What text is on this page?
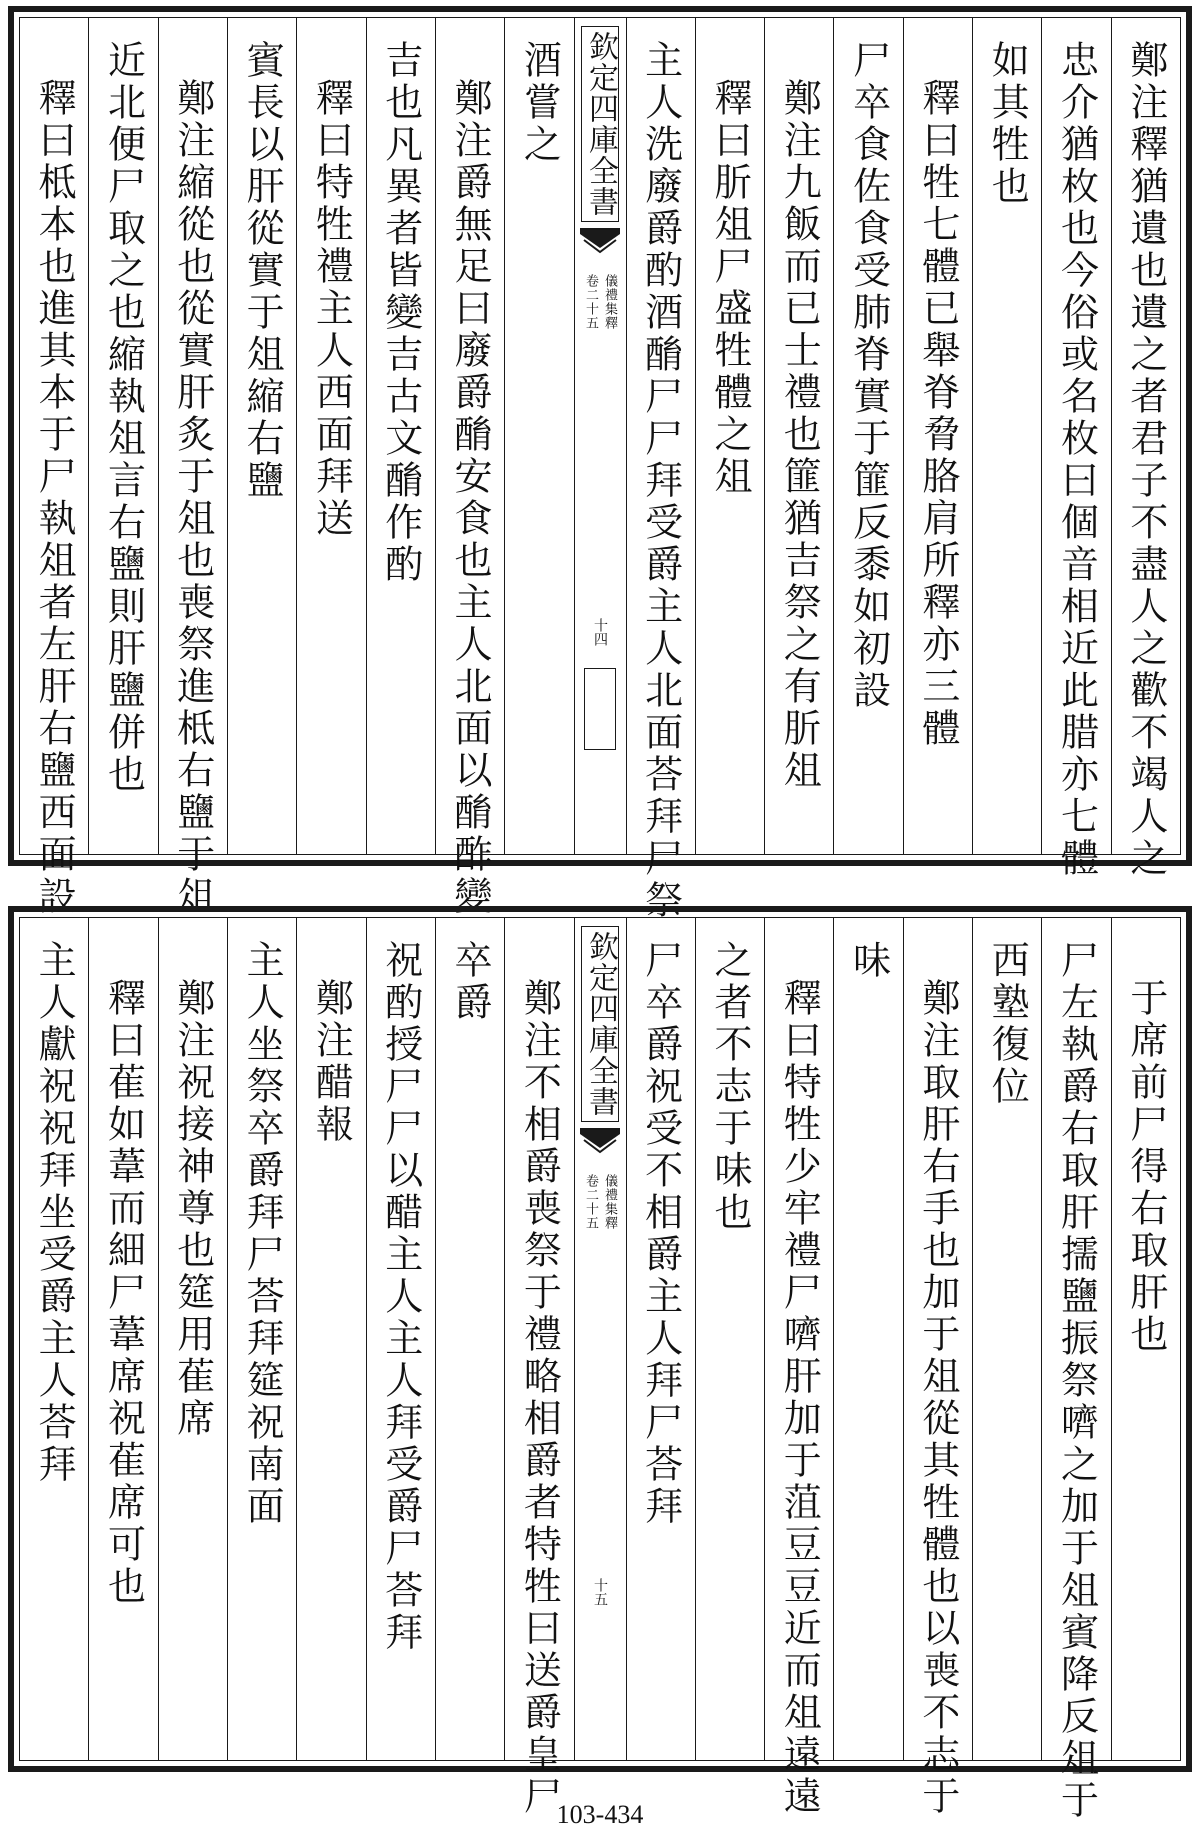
鄭注釋猶遺也遺之者君子不盡人之歡不竭人之
忠介猶枚也今俗或名枚曰個音相近此腊亦七體
如其牲也
釋曰牲七體已舉脊脅胳肩所釋亦三體
尸卒食佐食受肺脊實于篚反黍如初設
鄭注九飯而已士禮也篚猶吉祭之有肵俎
釋曰肵俎尸盛牲體之俎
主人洗廢爵酌酒酳尸尸拜受爵主人北面荅拜尸祭
欽定四庫全書
儀禮集釋
卷二十五
十四
酒嘗之
鄭注爵無足曰廢爵酳安食也主人北面以酳酢變
吉也凡異者皆變吉古文酳作酌
釋曰特牲禮主人西面拜送
賓長以肝從實于俎縮右鹽
鄭注縮從也從實肝炙于俎也喪祭進柢右鹽于俎
近北便尸取之也縮執俎言右鹽則肝鹽併也
釋曰柢本也進其本于尸執俎者左肝右鹽西面設
于席前尸得右取肝也
尸左執爵右取肝擩鹽振祭嚌之加于俎賓降反俎于
西塾復位
鄭注取肝右手也加于俎從其牲體也以喪不志于
味
釋曰特牲少牢禮尸嚌肝加于菹豆豆近而俎遠遠
之者不志于味也
尸卒爵祝受不相爵主人拜尸荅拜
欽定四庫全書
儀禮集釋
卷二十五
十五
鄭注不相爵喪祭于禮略相爵者特牲曰送爵皇尸
卒爵
祝酌授尸尸以醋主人主人拜受爵尸荅拜
鄭注醋報
主人坐祭卒爵拜尸荅拜筵祝南面
鄭注祝接神尊也筵用萑席
釋曰萑如葦而細尸葦席祝萑席可也
主人獻祝祝拜坐受爵主人荅拜
103-434
